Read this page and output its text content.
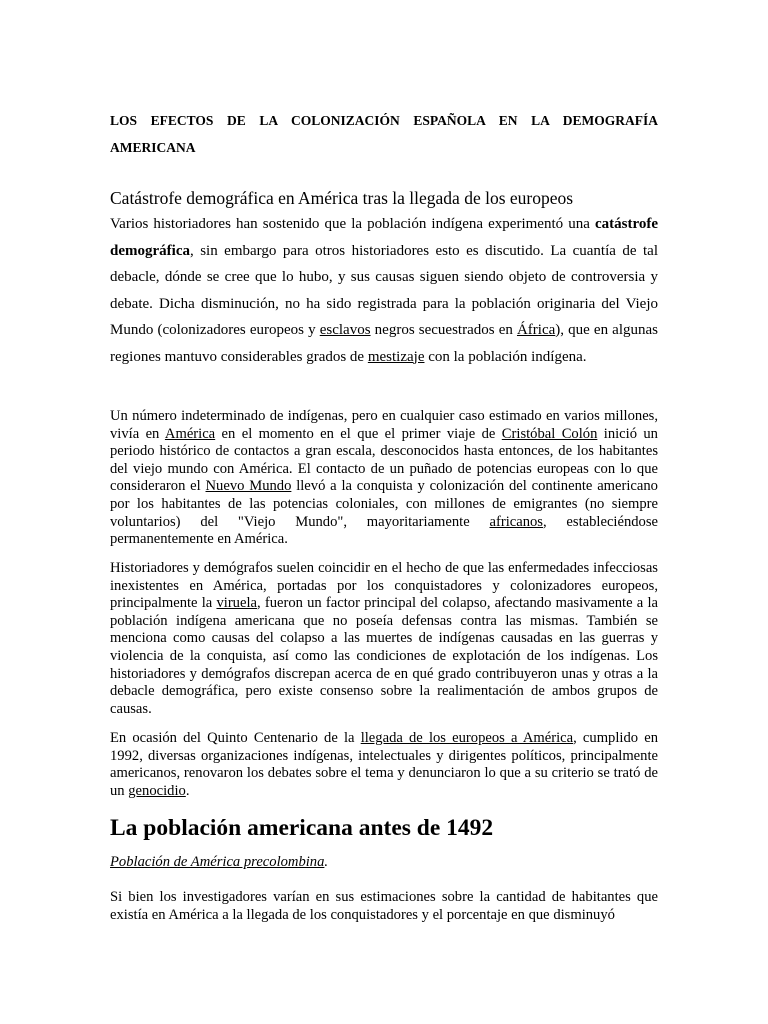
LOS EFECTOS DE LA COLONIZACIÓN ESPAÑOLA EN LA DEMOGRAFÍA AMERICANA
Catástrofe demográfica en América tras la llegada de los europeos

Varios historiadores han sostenido que la población indígena experimentó una catástrofe demográfica, sin embargo para otros historiadores esto es discutido. La cuantía de tal debacle, dónde se cree que lo hubo, y sus causas siguen siendo objeto de controversia y debate. Dicha disminución, no ha sido registrada para la población originaria del Viejo Mundo (colonizadores europeos y esclavos negros secuestrados en África), que en algunas regiones mantuvo considerables grados de mestizaje con la población indígena.

Un número indeterminado de indígenas, pero en cualquier caso estimado en varios millones, vivía en América en el momento en el que el primer viaje de Cristóbal Colón inició un periodo histórico de contactos a gran escala, desconocidos hasta entonces, de los habitantes del viejo mundo con América. El contacto de un puñado de potencias europeas con lo que consideraron el Nuevo Mundo llevó a la conquista y colonización del continente americano por los habitantes de las potencias coloniales, con millones de emigrantes (no siempre voluntarios) del "Viejo Mundo", mayoritariamente africanos, estableciéndose permanentemente en América.

Historiadores y demógrafos suelen coincidir en el hecho de que las enfermedades infecciosas inexistentes en América, portadas por los conquistadores y colonizadores europeos, principalmente la viruela, fueron un factor principal del colapso, afectando masivamente a la población indígena americana que no poseía defensas contra las mismas. También se menciona como causas del colapso a las muertes de indígenas causadas en las guerras y violencia de la conquista, así como las condiciones de explotación de los indígenas. Los historiadores y demógrafos discrepan acerca de en qué grado contribuyeron unas y otras a la debacle demográfica, pero existe consenso sobre la realimentación de ambos grupos de causas.

En ocasión del Quinto Centenario de la llegada de los europeos a América, cumplido en 1992, diversas organizaciones indígenas, intelectuales y dirigentes políticos, principalmente americanos, renovaron los debates sobre el tema y denunciaron lo que a su criterio se trató de un genocidio.

La población americana antes de 1492

Población de América precolombina.

Si bien los investigadores varían en sus estimaciones sobre la cantidad de habitantes que existía en América a la llegada de los conquistadores y el porcentaje en que disminuyó
